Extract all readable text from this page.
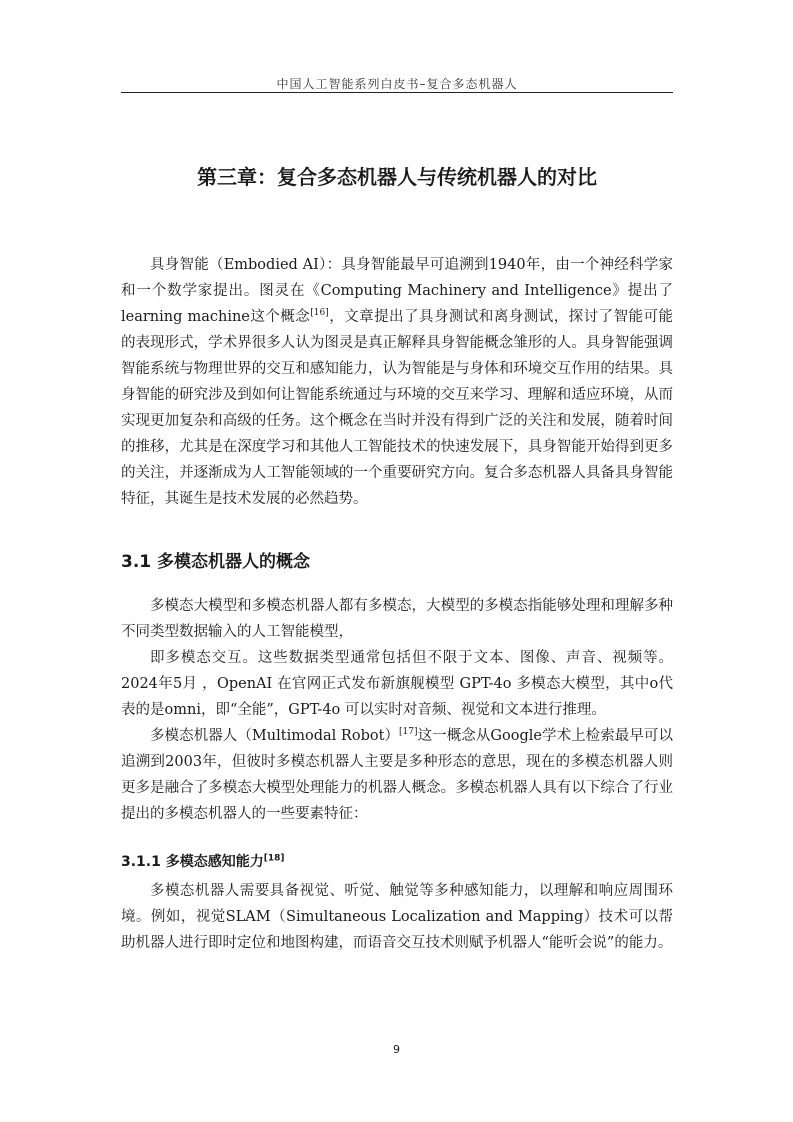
中国人工智能系列白皮书–复合多态机器人
第三章：复合多态机器人与传统机器人的对比

具身智能（Embodied AI）：具身智能最早可追溯到1940年，由一个神经科学家和一个数学家提出。图灵在《Computing Machinery and Intelligence》提出了learning machine这个概念[16]，文章提出了具身测试和离身测试，探讨了智能可能的表现形式，学术界很多人认为图灵是真正解释具身智能概念雏形的人。具身智能强调智能系统与物理世界的交互和感知能力，认为智能是与身体和环境交互作用的结果。具身智能的研究涉及到如何让智能系统通过与环境的交互来学习、理解和适应环境，从而实现更加复杂和高级的任务。这个概念在当时并没有得到广泛的关注和发展，随着时间的推移，尤其是在深度学习和其他人工智能技术的快速发展下，具身智能开始得到更多的关注，并逐渐成为人工智能领域的一个重要研究方向。复合多态机器人具备具身智能特征，其诞生是技术发展的必然趋势。

3.1 多模态机器人的概念

多模态大模型和多模态机器人都有多模态，大模型的多模态指能够处理和理解多种不同类型数据输入的人工智能模型，

即多模态交互。这些数据类型通常包括但不限于文本、图像、声音、视频等。2024年5月 ，OpenAI 在官网正式发布新旗舰模型 GPT-4o 多模态大模型，其中o代表的是omni，即“全能”，GPT-4o 可以实时对音频、视觉和文本进行推理。

多模态机器人（Multimodal Robot）[17]这一概念从Google学术上检索最早可以追溯到2003年，但彼时多模态机器人主要是多种形态的意思，现在的多模态机器人则更多是融合了多模态大模型处理能力的机器人概念。多模态机器人具有以下综合了行业提出的多模态机器人的一些要素特征：

3.1.1 多模态感知能力[18]

多模态机器人需要具备视觉、听觉、触觉等多种感知能力，以理解和响应周围环境。例如，视觉SLAM（Simultaneous Localization and Mapping）技术可以帮助机器人进行即时定位和地图构建，而语音交互技术则赋予机器人“能听会说”的能力。

9
